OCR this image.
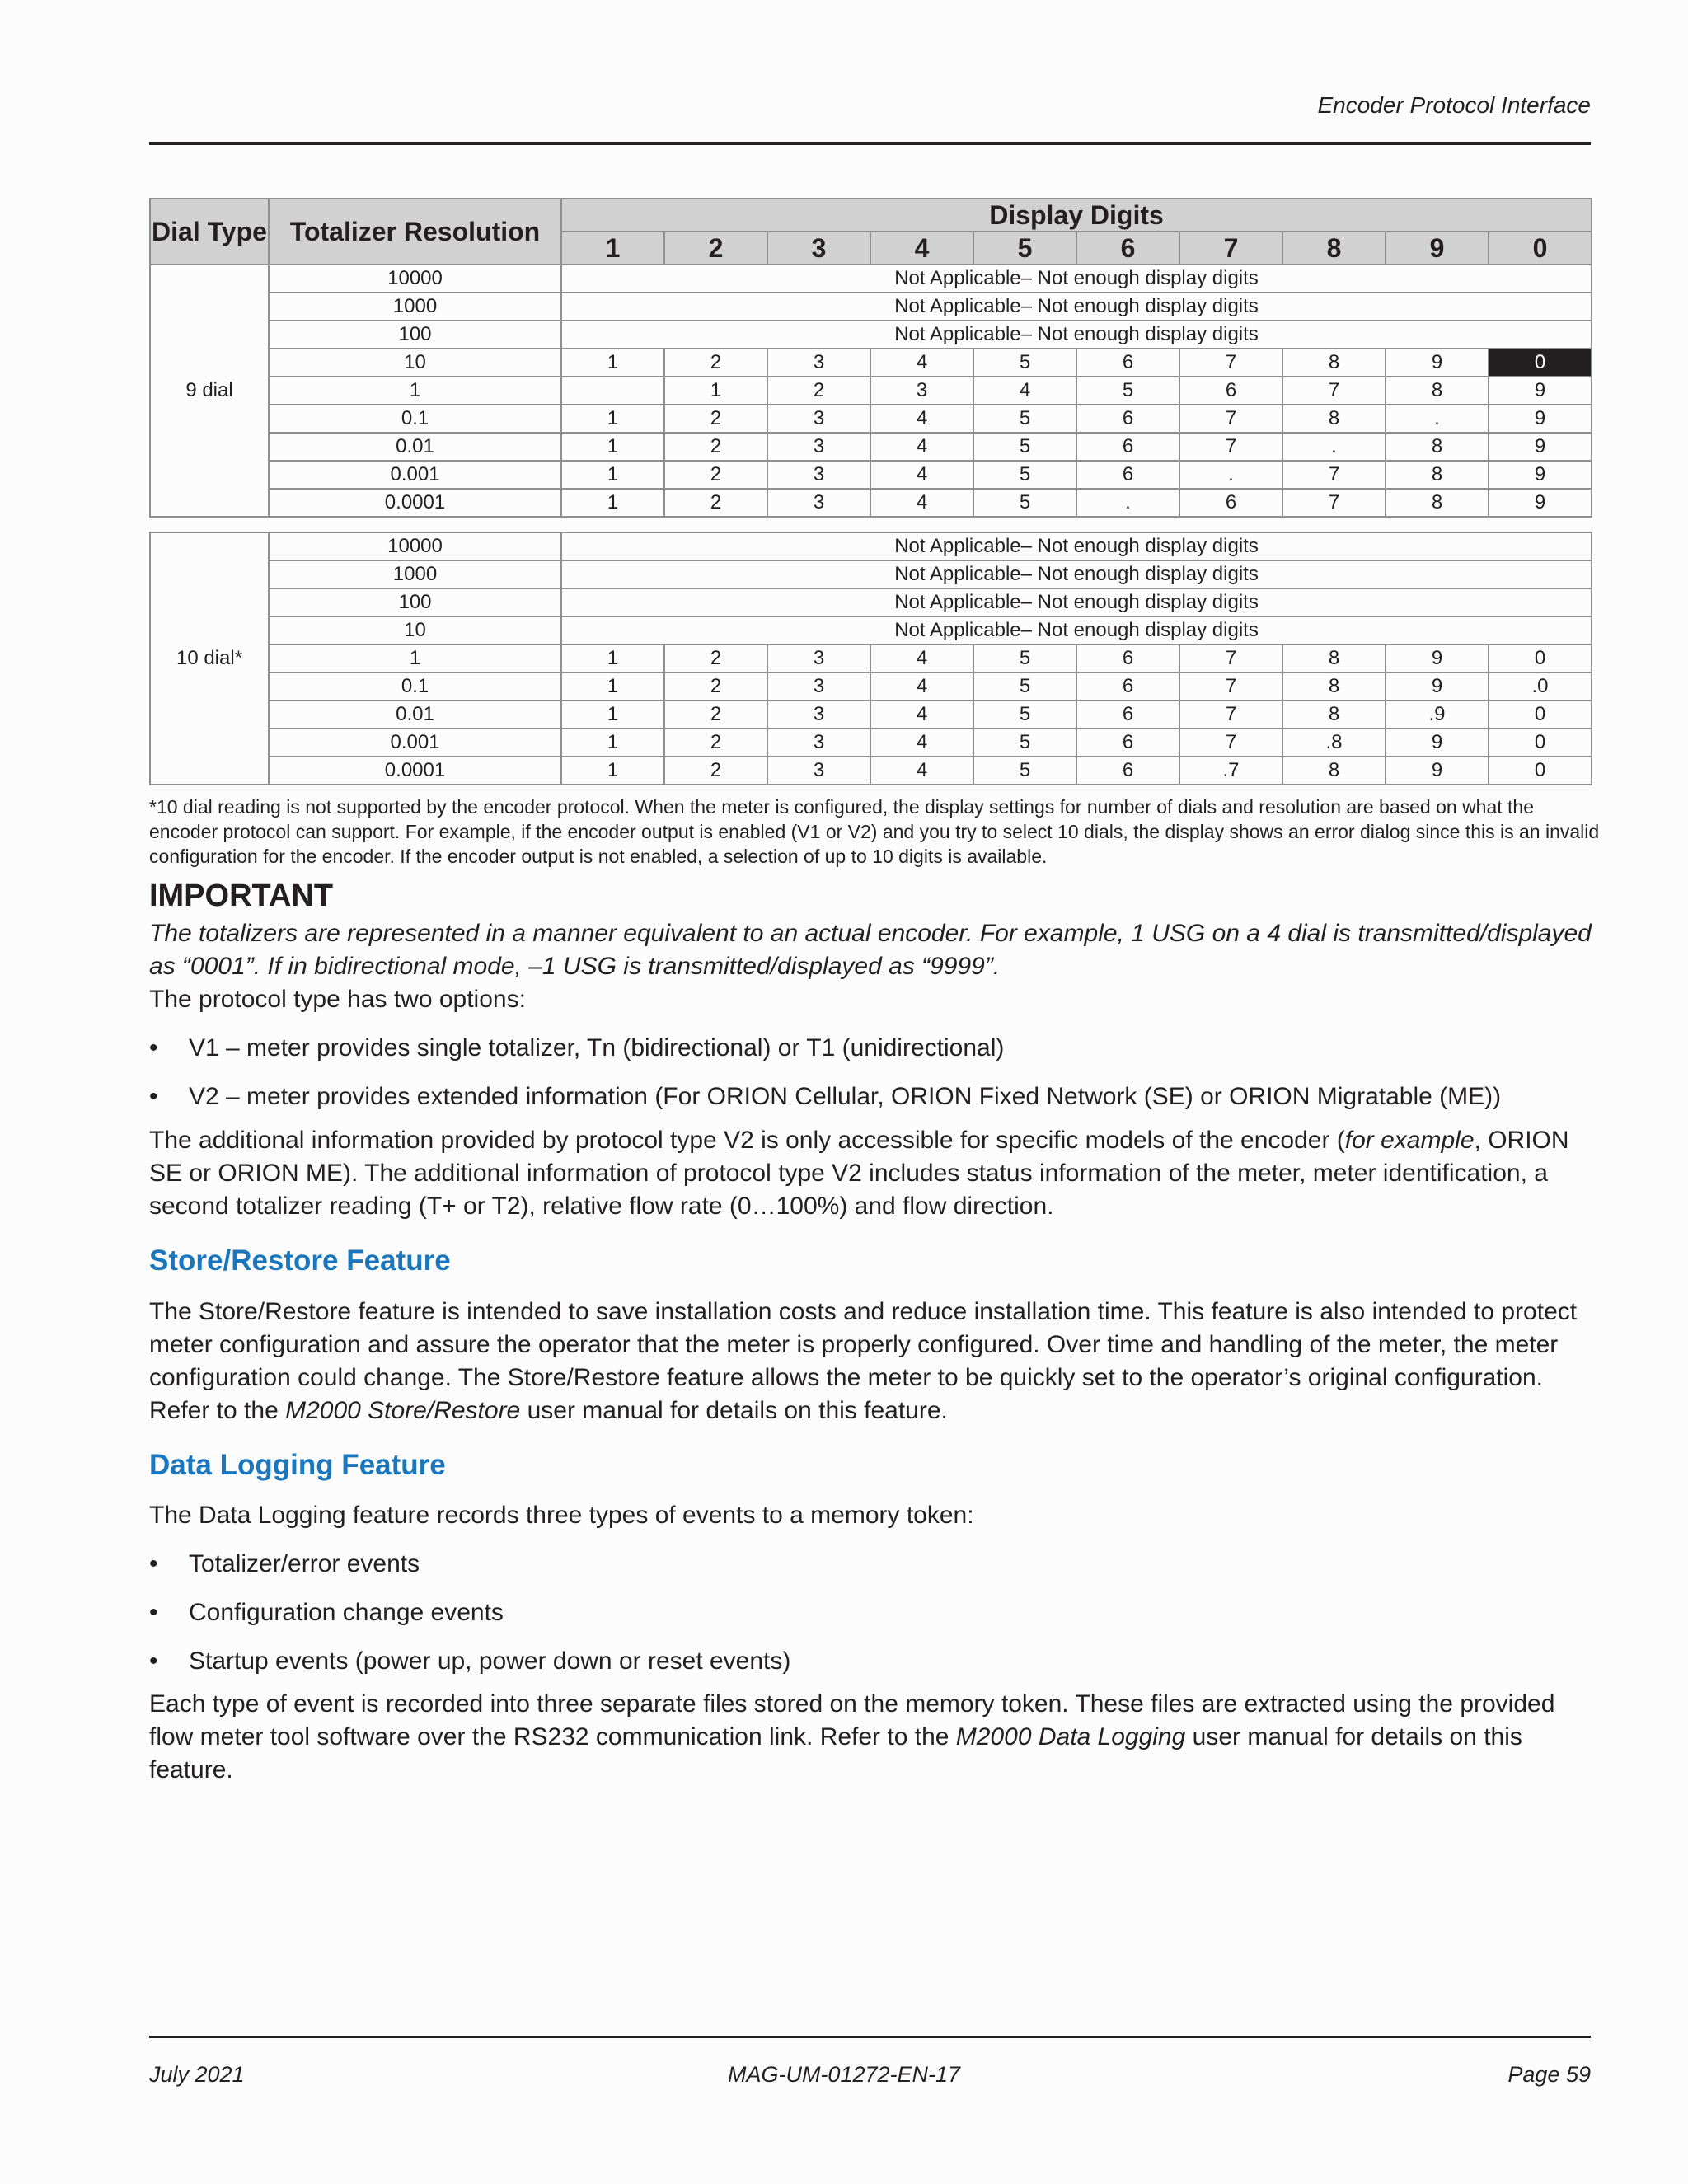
Encoder Protocol Interface
Dial Type	Totalizer Resolution	Display Digits									
		1	2	3	4	5	6	7	8	9	0
9 dial	10000	Not Applicable– Not enough display digits									
	1000	Not Applicable– Not enough display digits									
	100	Not Applicable– Not enough display digits									
	10	1	2	3	4	5	6	7	8	9	0
	1		1	2	3	4	5	6	7	8	9
	0.1	1	2	3	4	5	6	7	8	.	9
	0.01	1	2	3	4	5	6	7	.	8	9
	0.001	1	2	3	4	5	6	.	7	8	9
	0.0001	1	2	3	4	5	.	6	7	8	9
10 dial*	10000	Not Applicable– Not enough display digits									
	1000	Not Applicable– Not enough display digits									
	100	Not Applicable– Not enough display digits									
	10	Not Applicable– Not enough display digits									
	1	1	2	3	4	5	6	7	8	9	0
	0.1	1	2	3	4	5	6	7	8	9	.0
	0.01	1	2	3	4	5	6	7	8	.9	0
	0.001	1	2	3	4	5	6	7	.8	9	0
	0.0001	1	2	3	4	5	6	.7	8	9	0
*10 dial reading is not supported by the encoder protocol. When the meter is configured, the display settings for number of dials and resolution are based on what the encoder protocol can support. For example, if the encoder output is enabled (V1 or V2) and you try to select 10 dials, the display shows an error dialog since this is an invalid configuration for the encoder. If the encoder output is not enabled, a selection of up to 10 digits is available.
IMPORTANT

The totalizers are represented in a manner equivalent to an actual encoder. For example, 1 USG on a 4 dial is transmitted/displayed as “0001”. If in bidirectional mode, –1 USG is transmitted/displayed as “9999”.

The protocol type has two options:

• V1 – meter provides single totalizer, Tn (bidirectional) or T1 (unidirectional)
• V2 – meter provides extended information (For ORION Cellular, ORION Fixed Network (SE) or ORION Migratable (ME))

The additional information provided by protocol type V2 is only accessible for specific models of the encoder (for example, ORION SE or ORION ME). The additional information of protocol type V2 includes status information of the meter, meter identification, a second totalizer reading (T+ or T2), relative flow rate (0…100%) and flow direction.

Store/Restore Feature

The Store/Restore feature is intended to save installation costs and reduce installation time. This feature is also intended to protect meter configuration and assure the operator that the meter is properly configured. Over time and handling of the meter, the meter configuration could change. The Store/Restore feature allows the meter to be quickly set to the operator’s original configuration. Refer to the M2000 Store/Restore user manual for details on this feature.

Data Logging Feature

The Data Logging feature records three types of events to a memory token:

• Totalizer/error events
• Configuration change events
• Startup events (power up, power down or reset events)

Each type of event is recorded into three separate files stored on the memory token. These files are extracted using the provided flow meter tool software over the RS232 communication link. Refer to the M2000 Data Logging user manual for details on this feature.

July 2021	MAG-UM-01272-EN-17	Page 59
